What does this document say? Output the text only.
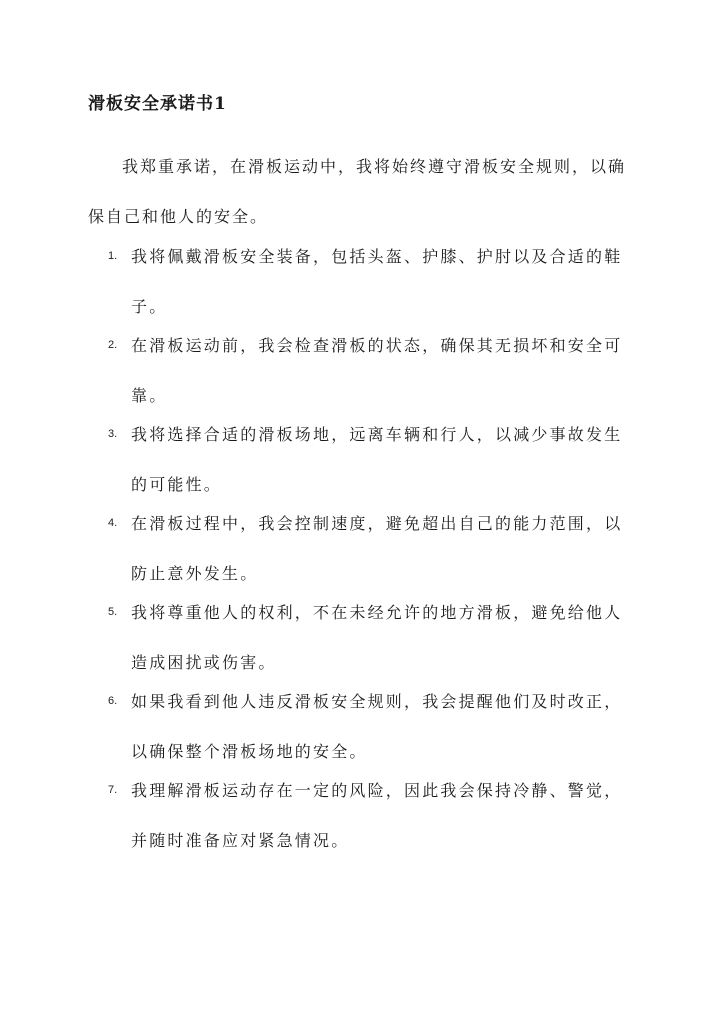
滑板安全承诺书1

我郑重承诺，在滑板运动中，我将始终遵守滑板安全规则，以确保自己和他人的安全。

1. 我将佩戴滑板安全装备，包括头盔、护膝、护肘以及合适的鞋子。

2. 在滑板运动前，我会检查滑板的状态，确保其无损坏和安全可靠。

3. 我将选择合适的滑板场地，远离车辆和行人，以减少事故发生的可能性。

4. 在滑板过程中，我会控制速度，避免超出自己的能力范围，以防止意外发生。

5. 我将尊重他人的权利，不在未经允许的地方滑板，避免给他人造成困扰或伤害。

6. 如果我看到他人违反滑板安全规则，我会提醒他们及时改正，以确保整个滑板场地的安全。

7. 我理解滑板运动存在一定的风险，因此我会保持冷静、警觉，并随时准备应对紧急情况。
